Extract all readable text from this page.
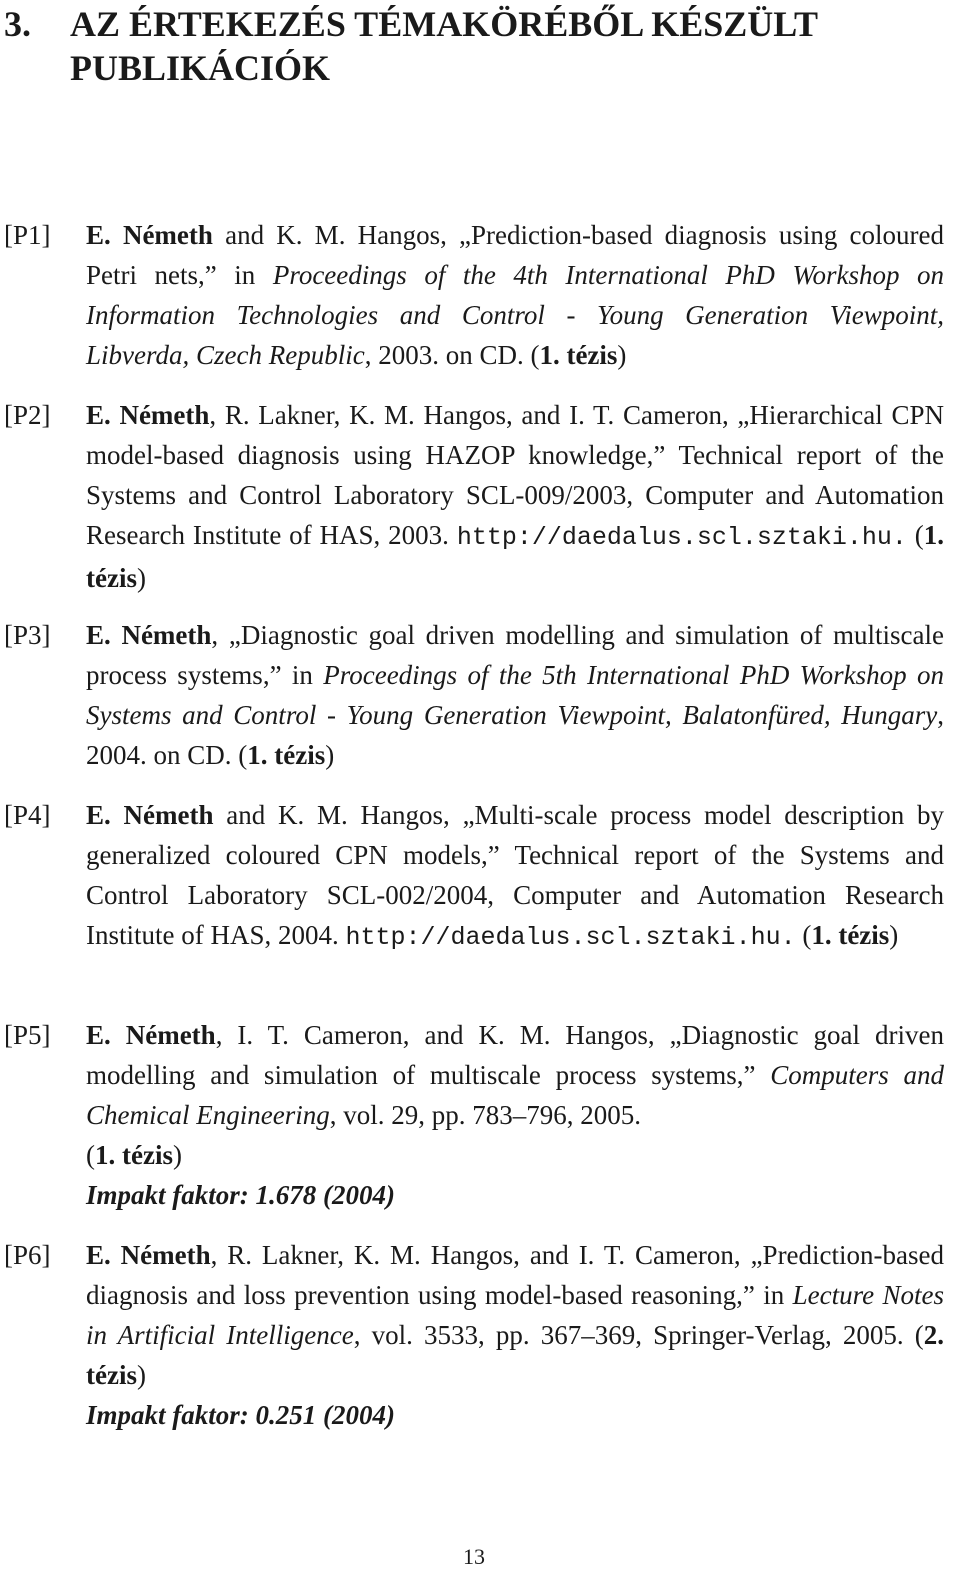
3. AZ ÉRTEKEZÉS TÉMAKÖRÉBŐL KÉSZÜLT
PUBLIKÁCIÓK
[P1] E. Németh and K. M. Hangos, „Prediction-based diagnosis using coloured Petri nets,” in Proceedings of the 4th International PhD Workshop on Information Technologies and Control - Young Generation Viewpoint, Libverda, Czech Republic, 2003. on CD. (1. tézis)
[P2] E. Németh, R. Lakner, K. M. Hangos, and I. T. Cameron, „Hierarchical CPN model-based diagnosis using HAZOP knowledge,” Technical report of the Systems and Control Laboratory SCL-009/2003, Computer and Automation Research Institute of HAS, 2003. http://daedalus.scl.sztaki.hu. (1. tézis)
[P3] E. Németh, „Diagnostic goal driven modelling and simulation of multiscale process systems,” in Proceedings of the 5th International PhD Workshop on Systems and Control - Young Generation Viewpoint, Balatonfüred, Hungary, 2004. on CD. (1. tézis)
[P4] E. Németh and K. M. Hangos, „Multi-scale process model description by generalized coloured CPN models,” Technical report of the Systems and Control Laboratory SCL-002/2004, Computer and Automation Research Institute of HAS, 2004. http://daedalus.scl.sztaki.hu. (1. tézis)
[P5] E. Németh, I. T. Cameron, and K. M. Hangos, „Diagnostic goal driven modelling and simulation of multiscale process systems,” Computers and Chemical Engineering, vol. 29, pp. 783–796, 2005.
(1. tézis)
Impakt faktor: 1.678 (2004)
[P6] E. Németh, R. Lakner, K. M. Hangos, and I. T. Cameron, „Prediction-based diagnosis and loss prevention using model-based reasoning,” in Lecture Notes in Artificial Intelligence, vol. 3533, pp. 367–369, Springer-Verlag, 2005. (2. tézis)
Impakt faktor: 0.251 (2004)
13
